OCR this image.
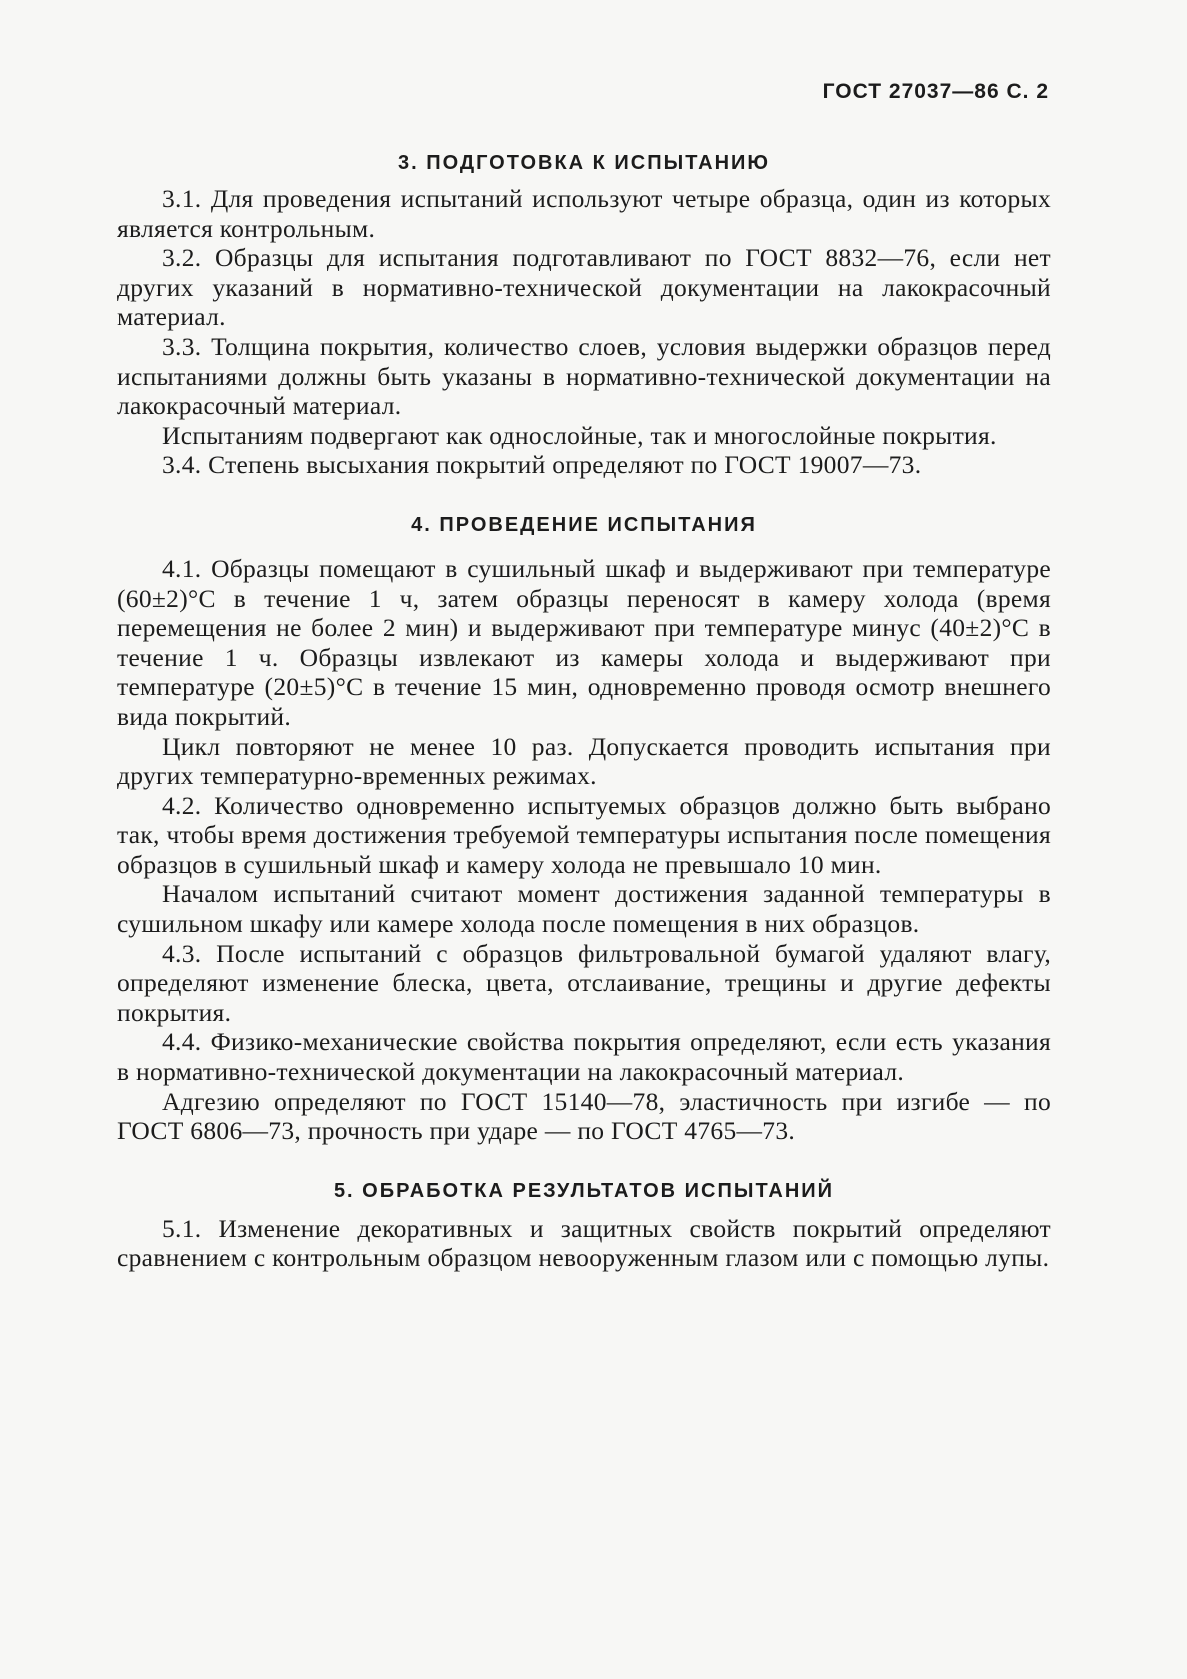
ГОСТ 27037—86 С. 2
3. ПОДГОТОВКА К ИСПЫТАНИЮ

3.1. Для проведения испытаний используют четыре образца, один из которых является контрольным.

3.2. Образцы для испытания подготавливают по ГОСТ 8832—76, если нет других указаний в нормативно-технической документации на лакокрасочный материал.

3.3. Толщина покрытия, количество слоев, условия выдержки образцов перед испытаниями должны быть указаны в нормативно-технической документации на лакокрасочный материал.

Испытаниям подвергают как однослойные, так и многослойные покрытия.

3.4. Степень высыхания покрытий определяют по ГОСТ 19007—73.

4. ПРОВЕДЕНИЕ ИСПЫТАНИЯ

4.1. Образцы помещают в сушильный шкаф и выдерживают при температуре (60±2)°С в течение 1 ч, затем образцы переносят в камеру холода (время перемещения не более 2 мин) и выдерживают при температуре минус (40±2)°С в течение 1 ч. Образцы извлекают из камеры холода и выдерживают при температуре (20±5)°С в течение 15 мин, одновременно проводя осмотр внешнего вида покрытий.

Цикл повторяют не менее 10 раз. Допускается проводить испытания при других температурно-временных режимах.

4.2. Количество одновременно испытуемых образцов должно быть выбрано так, чтобы время достижения требуемой температуры испытания после помещения образцов в сушильный шкаф и камеру холода не превышало 10 мин.

Началом испытаний считают момент достижения заданной температуры в сушильном шкафу или камере холода после помещения в них образцов.

4.3. После испытаний с образцов фильтровальной бумагой удаляют влагу, определяют изменение блеска, цвета, отслаивание, трещины и другие дефекты покрытия.

4.4. Физико-механические свойства покрытия определяют, если есть указания в нормативно-технической документации на лакокрасочный материал.

Адгезию определяют по ГОСТ 15140—78, эластичность при изгибе — по ГОСТ 6806—73, прочность при ударе — по ГОСТ 4765—73.

5. ОБРАБОТКА РЕЗУЛЬТАТОВ ИСПЫТАНИЙ

5.1. Изменение декоративных и защитных свойств покрытий определяют сравнением с контрольным образцом невооруженным глазом или с помощью лупы.
